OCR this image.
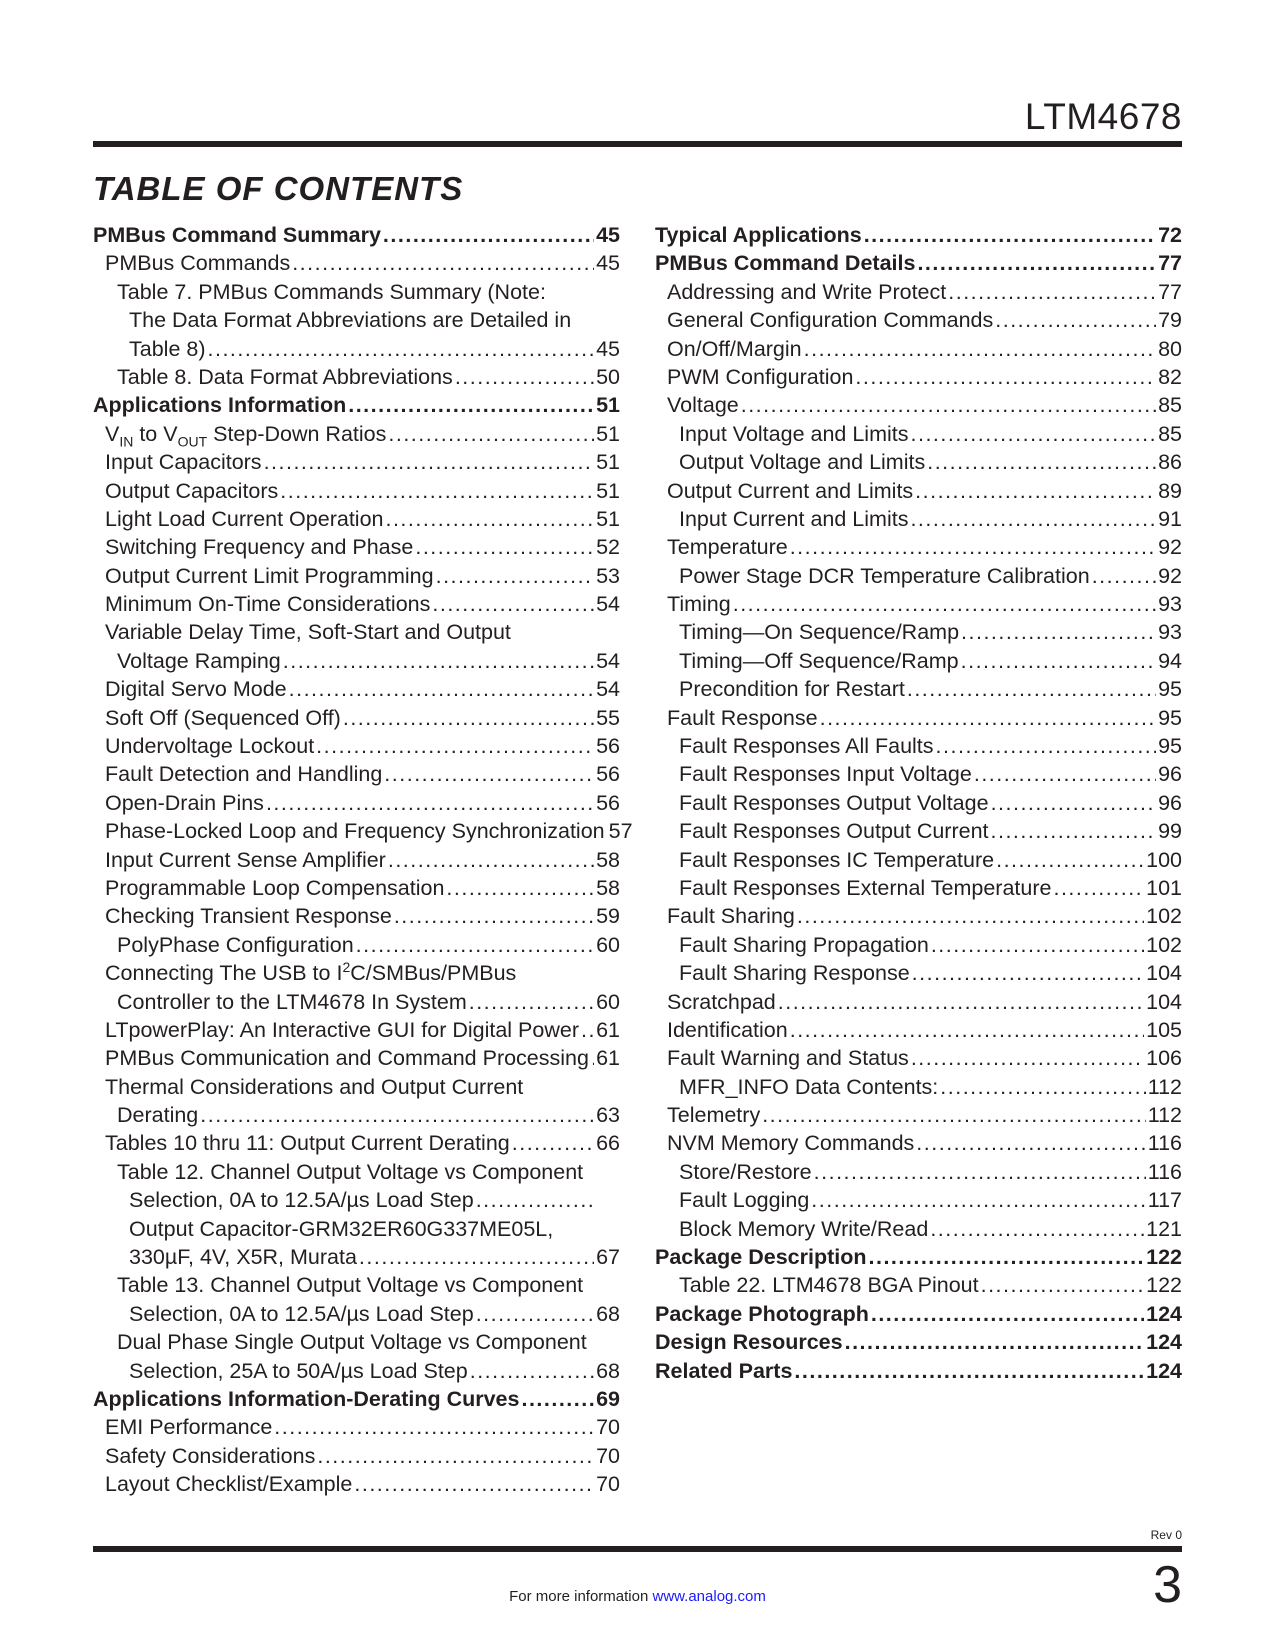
LTM4678
TABLE OF CONTENTS
PMBus Command Summary .....	45
PMBus Commands .....	45
Table 7. PMBus Commands Summary (Note:
The Data Format Abbreviations are Detailed in
Table 8) .....	45
Table 8. Data Format Abbreviations .....	50
Applications Information .....	51
$V_{IN}$ to $V_{OUT}$ Step-Down Ratios .....	51
Input Capacitors .....	51
Output Capacitors .....	51
Light Load Current Operation .....	51
Switching Frequency and Phase .....	52
Output Current Limit Programming .....	53
Minimum On-Time Considerations .....	54
Variable Delay Time, Soft-Start and Output
Voltage Ramping .....	54
Digital Servo Mode .....	54
Soft Off (Sequenced Off) .....	55
Undervoltage Lockout .....	56
Fault Detection and Handling .....	56
Open-Drain Pins .....	56
Phase-Locked Loop and Frequency Synchronization 57
Input Current Sense Amplifier .....	58
Programmable Loop Compensation .....	58
Checking Transient Response .....	59
PolyPhase Configuration .....	60
Connecting The USB to $I^2C/SMBus$/PMBus
Controller to the LTM4678 In System .....	60
LTpowerPlay: An Interactive GUI for Digital Power ..... 61
PMBus Communication and Command Processing ..... 61
Thermal Considerations and Output Current
Derating .....	63
Tables 10 thru 11: Output Current Derating .....	66
Table 12. Channel Output Voltage vs Component
Selection, 0A to 12.5A/µs Load Step
.....
Output Capacitor-GRM32ER60G337ME05L,
330µF, 4V, X5R, Murata .....	67
Table 13. Channel Output Voltage vs Component
Selection, 0A to 12.5A/µs Load Step .....	68
Dual Phase Single Output Voltage vs Component
Selection, 25A to 50A/µs Load Step .....	68
Applications Information-Derating Curves .....	69
EMI Performance .....	70
Safety Considerations .....	70
Layout Checklist/Example .....	70
Typical Applications .....	72
PMBus Command Details .....	77
Addressing and Write Protect .....	77
General Configuration Commands .....	79
On/Off/Margin .....	80
PWM Configuration .....	82
Voltage .....	85
Input Voltage and Limits .....	85
Output Voltage and Limits .....	86
Output Current and Limits .....	89
Input Current and Limits .....	91
Temperature .....	92
Power Stage DCR Temperature Calibration .....	92
Timing .....	93
Timing—On Sequence/Ramp .....	93
Timing—Off Sequence/Ramp .....	94
Precondition for Restart .....	95
Fault Response .....	95
Fault Responses All Faults .....	95
Fault Responses Input Voltage .....	96
Fault Responses Output Voltage .....	96
Fault Responses Output Current .....	99
Fault Responses IC Temperature .....	100
Fault Responses External Temperature .....	101
Fault Sharing .....	102
Fault Sharing Propagation .....	102
Fault Sharing Response .....	104
Scratchpad .....	104
Identification .....	105
Fault Warning and Status .....	106
MFR_INFO Data Contents: .....	112
Telemetry .....	112
NVM Memory Commands .....	116
Store/Restore .....	116
Fault Logging .....	117
Block Memory Write/Read .....	121
Package Description .....	122
Table 22. LTM4678 BGA Pinout .....	122
Package Photograph .....	124
Design Resources .....	124
Related Parts .....	124
Rev 0
3
For more information www.analog.com
